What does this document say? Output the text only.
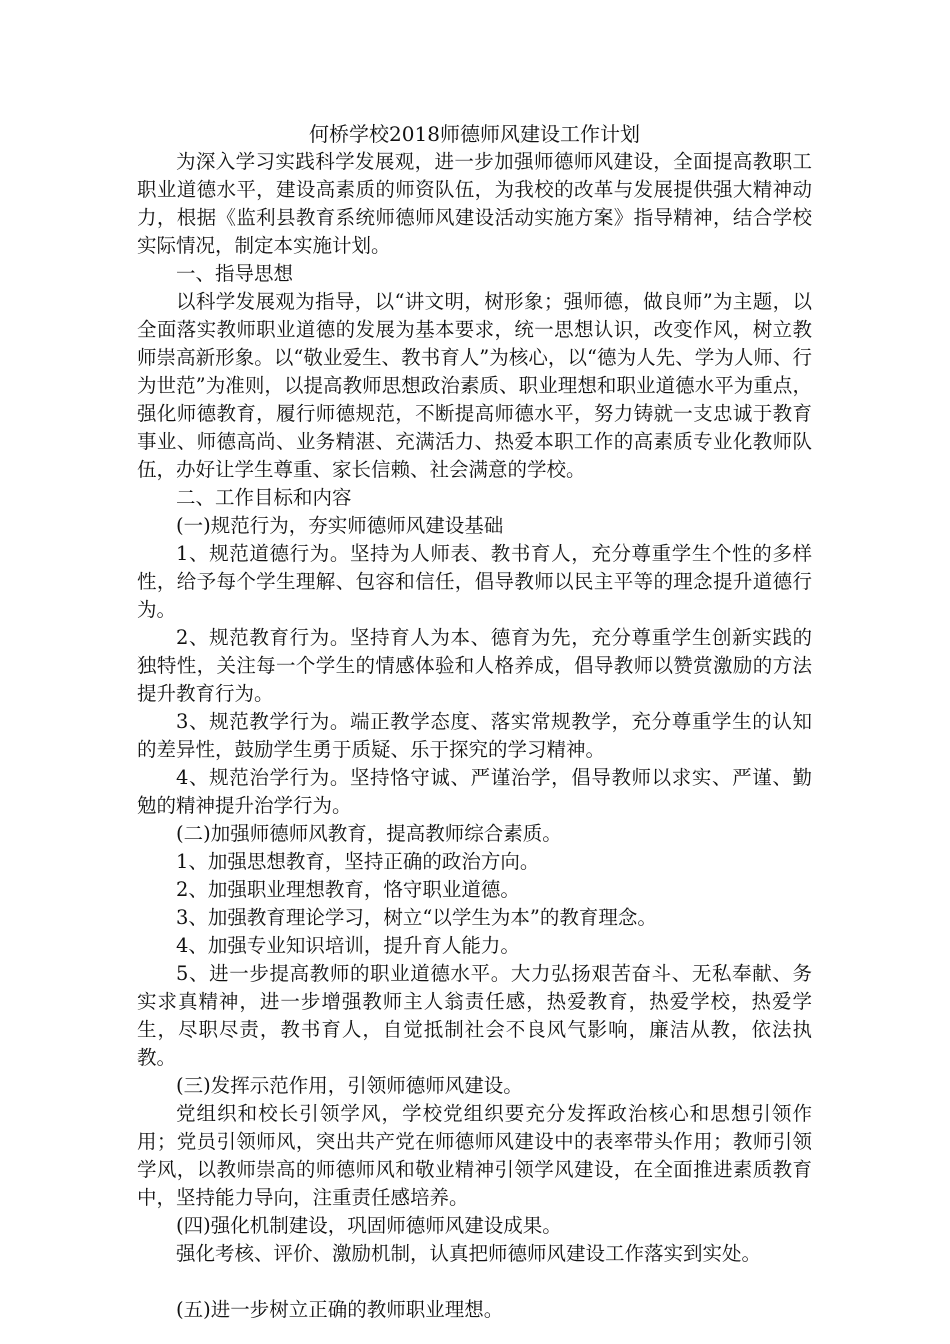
何桥学校2018师德师风建设工作计划

为深入学习实践科学发展观，进一步加强师德师风建设，全面提高教职工职业道德水平，建设高素质的师资队伍，为我校的改革与发展提供强大精神动力，根据《监利县教育系统师德师风建设活动实施方案》指导精神，结合学校实际情况，制定本实施计划。

一、指导思想

以科学发展观为指导，以“讲文明，树形象；强师德，做良师”为主题，以全面落实教师职业道德的发展为基本要求，统一思想认识，改变作风，树立教师崇高新形象。以“敬业爱生、教书育人”为核心，以“德为人先、学为人师、行为世范”为准则，以提高教师思想政治素质、职业理想和职业道德水平为重点，强化师德教育，履行师德规范，不断提高师德水平，努力铸就一支忠诚于教育事业、师德高尚、业务精湛、充满活力、热爱本职工作的高素质专业化教师队伍，办好让学生尊重、家长信赖、社会满意的学校。

二、工作目标和内容

(一)规范行为，夯实师德师风建设基础

1、规范道德行为。坚持为人师表、教书育人，充分尊重学生个性的多样性，给予每个学生理解、包容和信任，倡导教师以民主平等的理念提升道德行为。

2、规范教育行为。坚持育人为本、德育为先，充分尊重学生创新实践的独特性，关注每一个学生的情感体验和人格养成，倡导教师以赞赏激励的方法提升教育行为。

3、规范教学行为。端正教学态度、落实常规教学，充分尊重学生的认知的差异性，鼓励学生勇于质疑、乐于探究的学习精神。

4、规范治学行为。坚持恪守诚、严谨治学，倡导教师以求实、严谨、勤勉的精神提升治学行为。

(二)加强师德师风教育，提高教师综合素质。

1、加强思想教育，坚持正确的政治方向。

2、加强职业理想教育，恪守职业道德。

3、加强教育理论学习，树立“以学生为本”的教育理念。

4、加强专业知识培训，提升育人能力。

5、进一步提高教师的职业道德水平。大力弘扬艰苦奋斗、无私奉献、务实求真精神，进一步增强教师主人翁责任感，热爱教育，热爱学校，热爱学生，尽职尽责，教书育人，自觉抵制社会不良风气影响，廉洁从教，依法执教。

(三)发挥示范作用，引领师德师风建设。

党组织和校长引领学风，学校党组织要充分发挥政治核心和思想引领作用；党员引领师风，突出共产党在师德师风建设中的表率带头作用；教师引领学风，以教师崇高的师德师风和敬业精神引领学风建设，在全面推进素质教育中，坚持能力导向，注重责任感培养。

(四)强化机制建设，巩固师德师风建设成果。

强化考核、评价、激励机制，认真把师德师风建设工作落实到实处。

(五)进一步树立正确的教师职业理想。
